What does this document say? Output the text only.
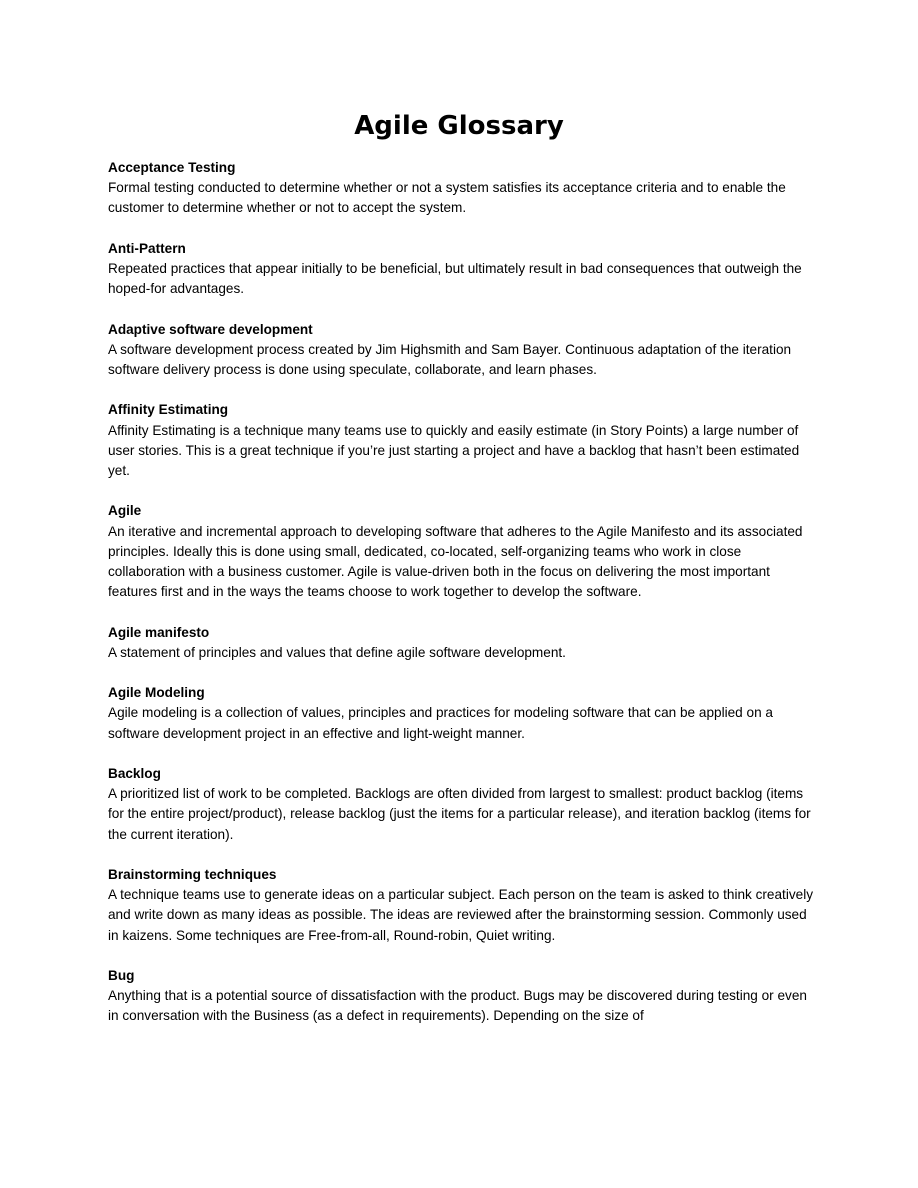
Agile Glossary
Acceptance Testing
Formal testing conducted to determine whether or not a system satisfies its acceptance criteria and to enable the customer to determine whether or not to accept the system.
Anti-Pattern
Repeated practices that appear initially to be beneficial, but ultimately result in bad consequences that outweigh the hoped-for advantages.
Adaptive software development
A software development process created by Jim Highsmith and Sam Bayer. Continuous adaptation of the iteration software delivery process is done using speculate, collaborate, and learn phases.
Affinity Estimating
Affinity Estimating is a technique many teams use to quickly and easily estimate (in Story Points) a large number of user stories. This is a great technique if you’re just starting a project and have a backlog that hasn’t been estimated yet.
Agile
An iterative and incremental approach to developing software that adheres to the Agile Manifesto and its associated principles. Ideally this is done using small, dedicated, co-located, self-organizing teams who work in close collaboration with a business customer. Agile is value-driven both in the focus on delivering the most important features first and in the ways the teams choose to work together to develop the software.
Agile manifesto
A statement of principles and values that define agile software development.
Agile Modeling
Agile modeling is a collection of values, principles and practices for modeling software that can be applied on a software development project in an effective and light-weight manner.
Backlog
A prioritized list of work to be completed. Backlogs are often divided from largest to smallest: product backlog (items for the entire project/product), release backlog (just the items for a particular release), and iteration backlog (items for the current iteration).
Brainstorming techniques
A technique teams use to generate ideas on a particular subject. Each person on the team is asked to think creatively and write down as many ideas as possible. The ideas are reviewed after the brainstorming session. Commonly used in kaizens. Some techniques are Free-from-all, Round-robin, Quiet writing.
Bug
Anything that is a potential source of dissatisfaction with the product. Bugs may be discovered during testing or even in conversation with the Business (as a defect in requirements). Depending on the size of
